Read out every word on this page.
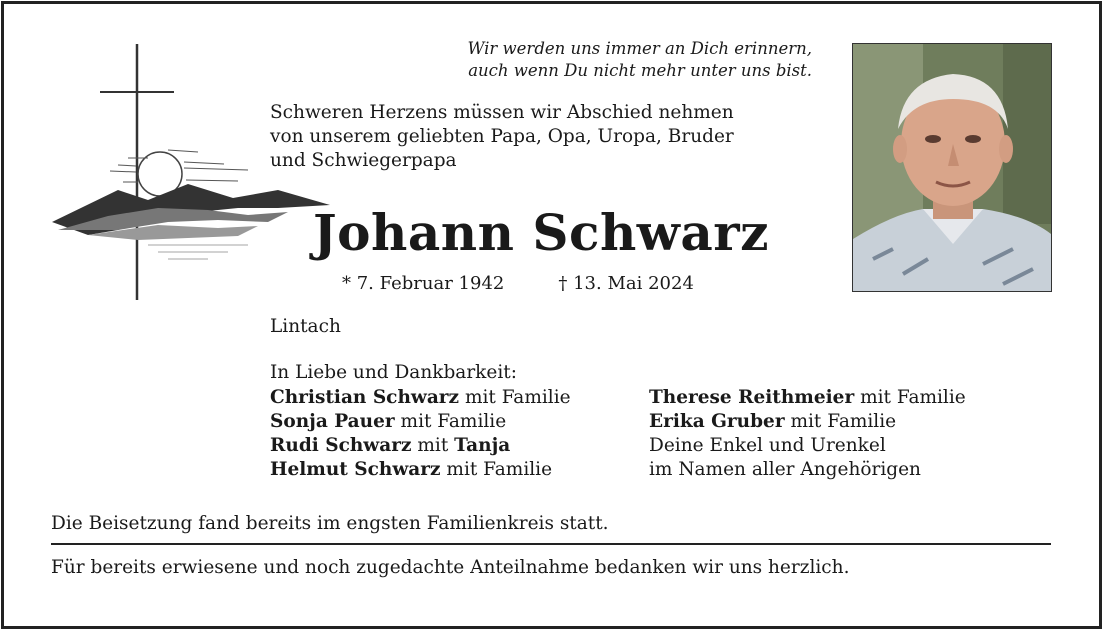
Wir werden uns immer an Dich erinnern,
auch wenn Du nicht mehr unter uns bist.
Schweren Herzens müssen wir Abschied nehmen
von unserem geliebten Papa, Opa, Uropa, Bruder
und Schwiegerpapa
Johann Schwarz
* 7. Februar 1942	† 13. Mai 2024
Lintach
In Liebe und Dankbarkeit:
Christian Schwarz mit Familie
Sonja Pauer mit Familie
Rudi Schwarz mit Tanja
Helmut Schwarz mit Familie
Therese Reithmeier mit Familie
Erika Gruber mit Familie
Deine Enkel und Urenkel
im Namen aller Angehörigen
Die Beisetzung fand bereits im engsten Familienkreis statt.
Für bereits erwiesene und noch zugedachte Anteilnahme bedanken wir uns herzlich.
